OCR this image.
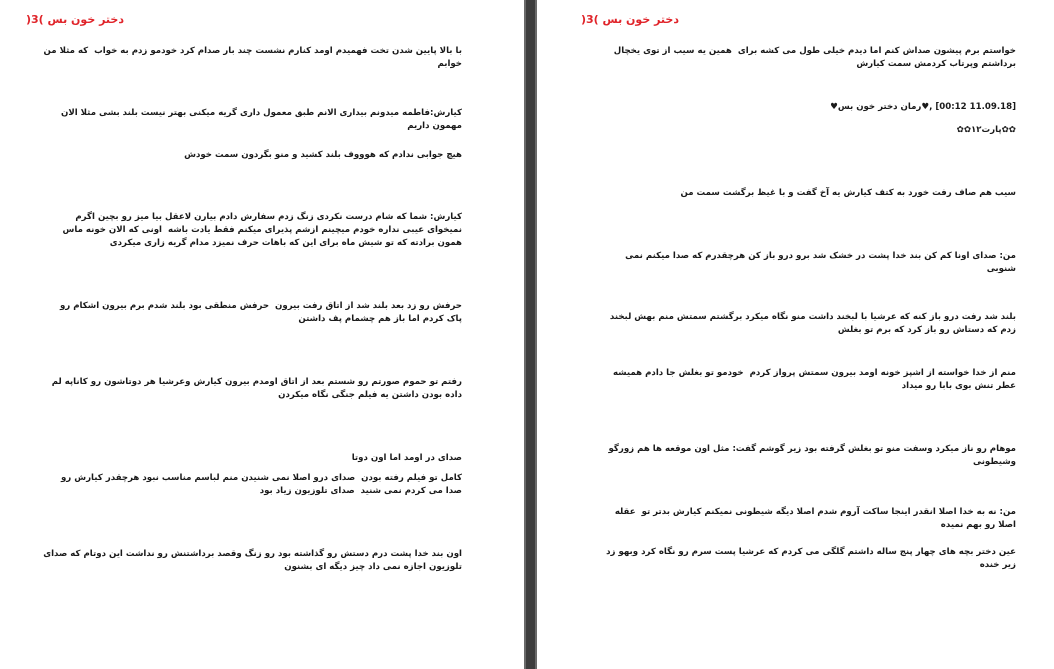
دختر خون بس )3(
با بالا پایین شدن تخت فهمیدم اومد کنارم نشست چند بار صدام کرد خودمو زدم به خواب  که مثلا من خوابم
کیارش:فاطمه میدونم بیداری الانم طبق معمول داری گریه میکنی بهتر نیست بلند بشی مثلا الان مهمون داریم
هیچ جوابی ندادم که هوووف بلند کشید و منو بگردون سمت خودش
کیارش: شما که شام درست نکردی زنگ زدم سفارش دادم بیارن لاعقل بیا میز رو بچین اگرم نمیخوای عیبی نداره خودم میچینم ازشم پذیرای میکنم فقط یادت باشه  اونی که الان خونه ماس همون برادته که تو شیش ماه برای این که باهات حرف نمیزد مدام گریه زاری میکردی
حرفش رو زد بعد بلند شد از اتاق رفت بیرون  حرفش منطقی بود بلند شدم برم بیرون اشکام رو پاک کردم اما باز هم چشمام پف داشتن
رفتم تو حموم صورتم رو شستم بعد از اتاق اومدم بیرون کیارش وعرشیا هر دوتاشون رو کاناپه لم داده بودن داشتن یه فیلم جنگی نگاه میکردن
صدای در اومد اما اون دوتا
کامل تو فیلم رفته بودن  صدای درو اصلا نمی شنیدن منم لباسم مناسب نبود هرچقدر کیارش رو صدا می کردم نمی شنید  صدای تلوزیون زیاد بود
اون بند خدا پشت درم دستش رو گذاشته بود رو زنگ وقصد برداشتنش رو نداشت این دوتام که صدای تلوزیون اجازه نمی داد چیز دیگه ای بشنون
دختر خون بس )3(
خواستم برم پیشون صداش کنم اما دیدم خیلی طول می کشه برای  همین یه سیب از توی یخچال برداشتم وپرتاب کردمش سمت کیارش
[11.09.18 00:12] ,♥رمان دختر خون بس♥
✿✿پارت۱۲✿✿
سیب هم صاف رفت خورد به کتف کیارش یه آخ گفت و با غیظ برگشت سمت من
من: صدای اونا کم کن بند خدا پشت در خشک شد برو درو باز کن هرچقدرم که صدا میکنم نمی شنوبی
بلند شد رفت درو باز کنه که عرشیا با لبخند داشت منو نگاه میکرد برگشتم سمتش منم بهش لبخند زدم که دستاش رو باز کرد که برم تو بغلش
منم از خدا خواسته از اشپز خونه اومد بیرون سمتش پرواز کردم  خودمو تو بغلش جا دادم همیشه عطر تنش بوی بابا رو میداد
موهام رو ناز میکرد وسفت منو تو بغلش گرفته بود زیر گوشم گفت: مثل اون موقعه ها هم زورگو وشیطونی
من: نه به خدا اصلا انقدر اینجا ساکت آروم شدم اصلا دیگه شیطونی نمیکنم کیارش بدتر تو  عقله اصلا رو بهم نمیده
عین دختر بچه های چهار پنج ساله داشتم گلگی می کردم که عرشیا پست سرم رو نگاه کرد وبهو زد زیر خنده
